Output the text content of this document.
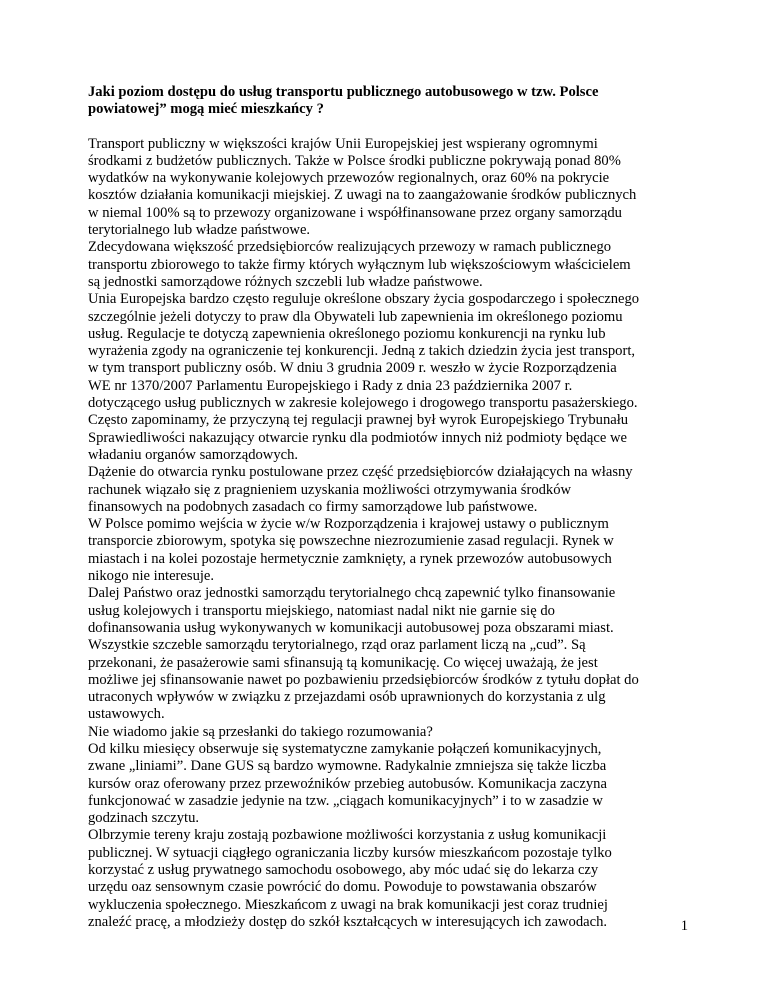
Jaki poziom dostępu do usług transportu publicznego autobusowego w tzw. Polsce
powiatowej” mogą mieć mieszkańcy ?

Transport publiczny w większości krajów Unii Europejskiej jest wspierany ogromnymi
środkami z budżetów publicznych. Także w Polsce środki publiczne pokrywają ponad 80%
wydatków na wykonywanie kolejowych przewozów regionalnych, oraz 60% na pokrycie
kosztów działania komunikacji miejskiej. Z uwagi na to zaangażowanie środków publicznych
w niemal 100% są to przewozy organizowane i współfinansowane przez organy samorządu
terytorialnego lub władze państwowe.

Zdecydowana większość przedsiębiorców realizujących przewozy w ramach publicznego
transportu zbiorowego to także firmy których wyłącznym lub większościowym właścicielem
są jednostki samorządowe różnych szczebli lub władze państwowe.

Unia Europejska bardzo często reguluje określone obszary życia gospodarczego i społecznego
szczególnie jeżeli dotyczy to praw dla Obywateli lub zapewnienia im określonego poziomu
usług. Regulacje te dotyczą zapewnienia określonego poziomu konkurencji na rynku lub
wyrażenia zgody na ograniczenie tej konkurencji. Jedną z takich dziedzin życia jest transport,
w tym transport publiczny osób. W dniu 3 grudnia 2009 r. weszło w życie Rozporządzenia
WE nr 1370/2007 Parlamentu Europejskiego i Rady z dnia 23 października 2007 r.
dotyczącego usług publicznych w zakresie kolejowego i drogowego transportu pasażerskiego.
Często zapominamy, że przyczyną tej regulacji prawnej był wyrok Europejskiego Trybunału
Sprawiedliwości nakazujący otwarcie rynku dla podmiotów innych niż podmioty będące we
władaniu organów samorządowych.

Dążenie do otwarcia rynku postulowane przez część przedsiębiorców działających na własny
rachunek wiązało się z pragnieniem uzyskania możliwości otrzymywania środków
finansowych na podobnych zasadach co firmy samorządowe lub państwowe.

W Polsce pomimo wejścia w życie w/w Rozporządzenia i krajowej ustawy o publicznym
transporcie zbiorowym, spotyka się powszechne niezrozumienie zasad regulacji. Rynek w
miastach i na kolei pozostaje hermetycznie zamknięty, a rynek przewozów autobusowych
nikogo nie interesuje.

Dalej Państwo oraz jednostki samorządu terytorialnego chcą zapewnić tylko finansowanie
usług kolejowych i transportu miejskiego, natomiast nadal nikt nie garnie się do
dofinansowania usług wykonywanych w komunikacji autobusowej poza obszarami miast.
Wszystkie szczeble samorządu terytorialnego, rząd oraz parlament liczą na „cud”. Są
przekonani, że pasażerowie sami sfinansują tą komunikację. Co więcej uważają, że jest
możliwe jej sfinansowanie nawet po pozbawieniu przedsiębiorców środków z tytułu dopłat do
utraconych wpływów w związku z przejazdami osób uprawnionych do korzystania z ulg
ustawowych.

Nie wiadomo jakie są przesłanki do takiego rozumowania?

Od kilku miesięcy obserwuje się systematyczne zamykanie połączeń komunikacyjnych,
zwane „liniami”. Dane GUS są bardzo wymowne. Radykalnie zmniejsza się także liczba
kursów oraz oferowany przez przewoźników przebieg autobusów. Komunikacja zaczyna
funkcjonować w zasadzie jedynie na tzw. „ciągach komunikacyjnych” i to w zasadzie w
godzinach szczytu.

Olbrzymie tereny kraju zostają pozbawione możliwości korzystania z usług komunikacji
publicznej. W sytuacji ciągłego ograniczania liczby kursów mieszkańcom pozostaje tylko
korzystać z usług prywatnego samochodu osobowego, aby móc udać się do lekarza czy
urzędu oaz sensownym czasie powrócić do domu. Powoduje to powstawania obszarów
wykluczenia społecznego. Mieszkańcom z uwagi na brak komunikacji jest coraz trudniej
znaleźć pracę, a młodzieży dostęp do szkół kształcących w interesujących ich zawodach.	1
